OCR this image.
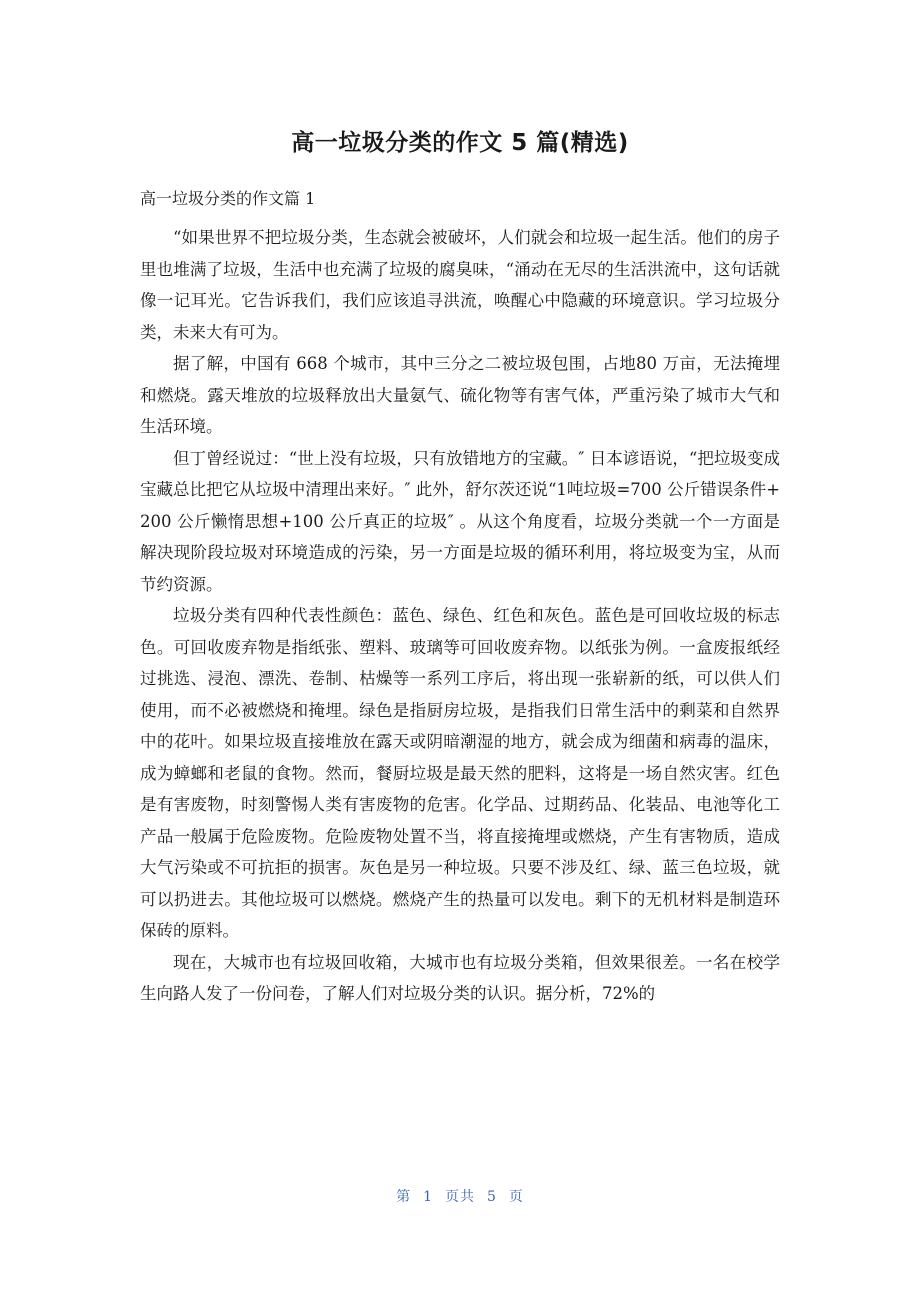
高一垃圾分类的作文 5 篇(精选)
高一垃圾分类的作文篇 1

“如果世界不把垃圾分类，生态就会被破坏，人们就会和垃圾一起生活。他们的房子里也堆满了垃圾，生活中也充满了垃圾的腐臭味，“涌动在无尽的生活洪流中，这句话就像一记耳光。它告诉我们，我们应该追寻洪流，唤醒心中隐藏的环境意识。学习垃圾分类，未来大有可为。

据了解，中国有 668 个城市，其中三分之二被垃圾包围，占地80 万亩，无法掩埋和燃烧。露天堆放的垃圾释放出大量氨气、硫化物等有害气体，严重污染了城市大气和生活环境。

但丁曾经说过：“世上没有垃圾，只有放错地方的宝藏。″ 日本谚语说，“把垃圾变成宝藏总比把它从垃圾中清理出来好。″ 此外，舒尔茨还说“1吨垃圾=700 公斤错误条件+200 公斤懒惰思想+100 公斤真正的垃圾″ 。从这个角度看，垃圾分类就一个一方面是解决现阶段垃圾对环境造成的污染，另一方面是垃圾的循环利用，将垃圾变为宝，从而节约资源。

垃圾分类有四种代表性颜色：蓝色、绿色、红色和灰色。蓝色是可回收垃圾的标志色。可回收废弃物是指纸张、塑料、玻璃等可回收废弃物。以纸张为例。一盒废报纸经过挑选、浸泡、漂洗、卷制、枯燥等一系列工序后，将出现一张崭新的纸，可以供人们使用，而不必被燃烧和掩埋。绿色是指厨房垃圾，是指我们日常生活中的剩菜和自然界中的花叶。如果垃圾直接堆放在露天或阴暗潮湿的地方，就会成为细菌和病毒的温床，成为蟑螂和老鼠的食物。然而，餐厨垃圾是最天然的肥料，这将是一场自然灾害。红色是有害废物，时刻警惕人类有害废物的危害。化学品、过期药品、化装品、电池等化工产品一般属于危险废物。危险废物处置不当，将直接掩埋或燃烧，产生有害物质，造成大气污染或不可抗拒的损害。灰色是另一种垃圾。只要不涉及红、绿、蓝三色垃圾，就可以扔进去。其他垃圾可以燃烧。燃烧产生的热量可以发电。剩下的无机材料是制造环保砖的原料。

现在，大城市也有垃圾回收箱，大城市也有垃圾分类箱，但效果很差。一名在校学生向路人发了一份问卷，了解人们对垃圾分类的认识。据分析，72%的

第 1 页共 5 页
